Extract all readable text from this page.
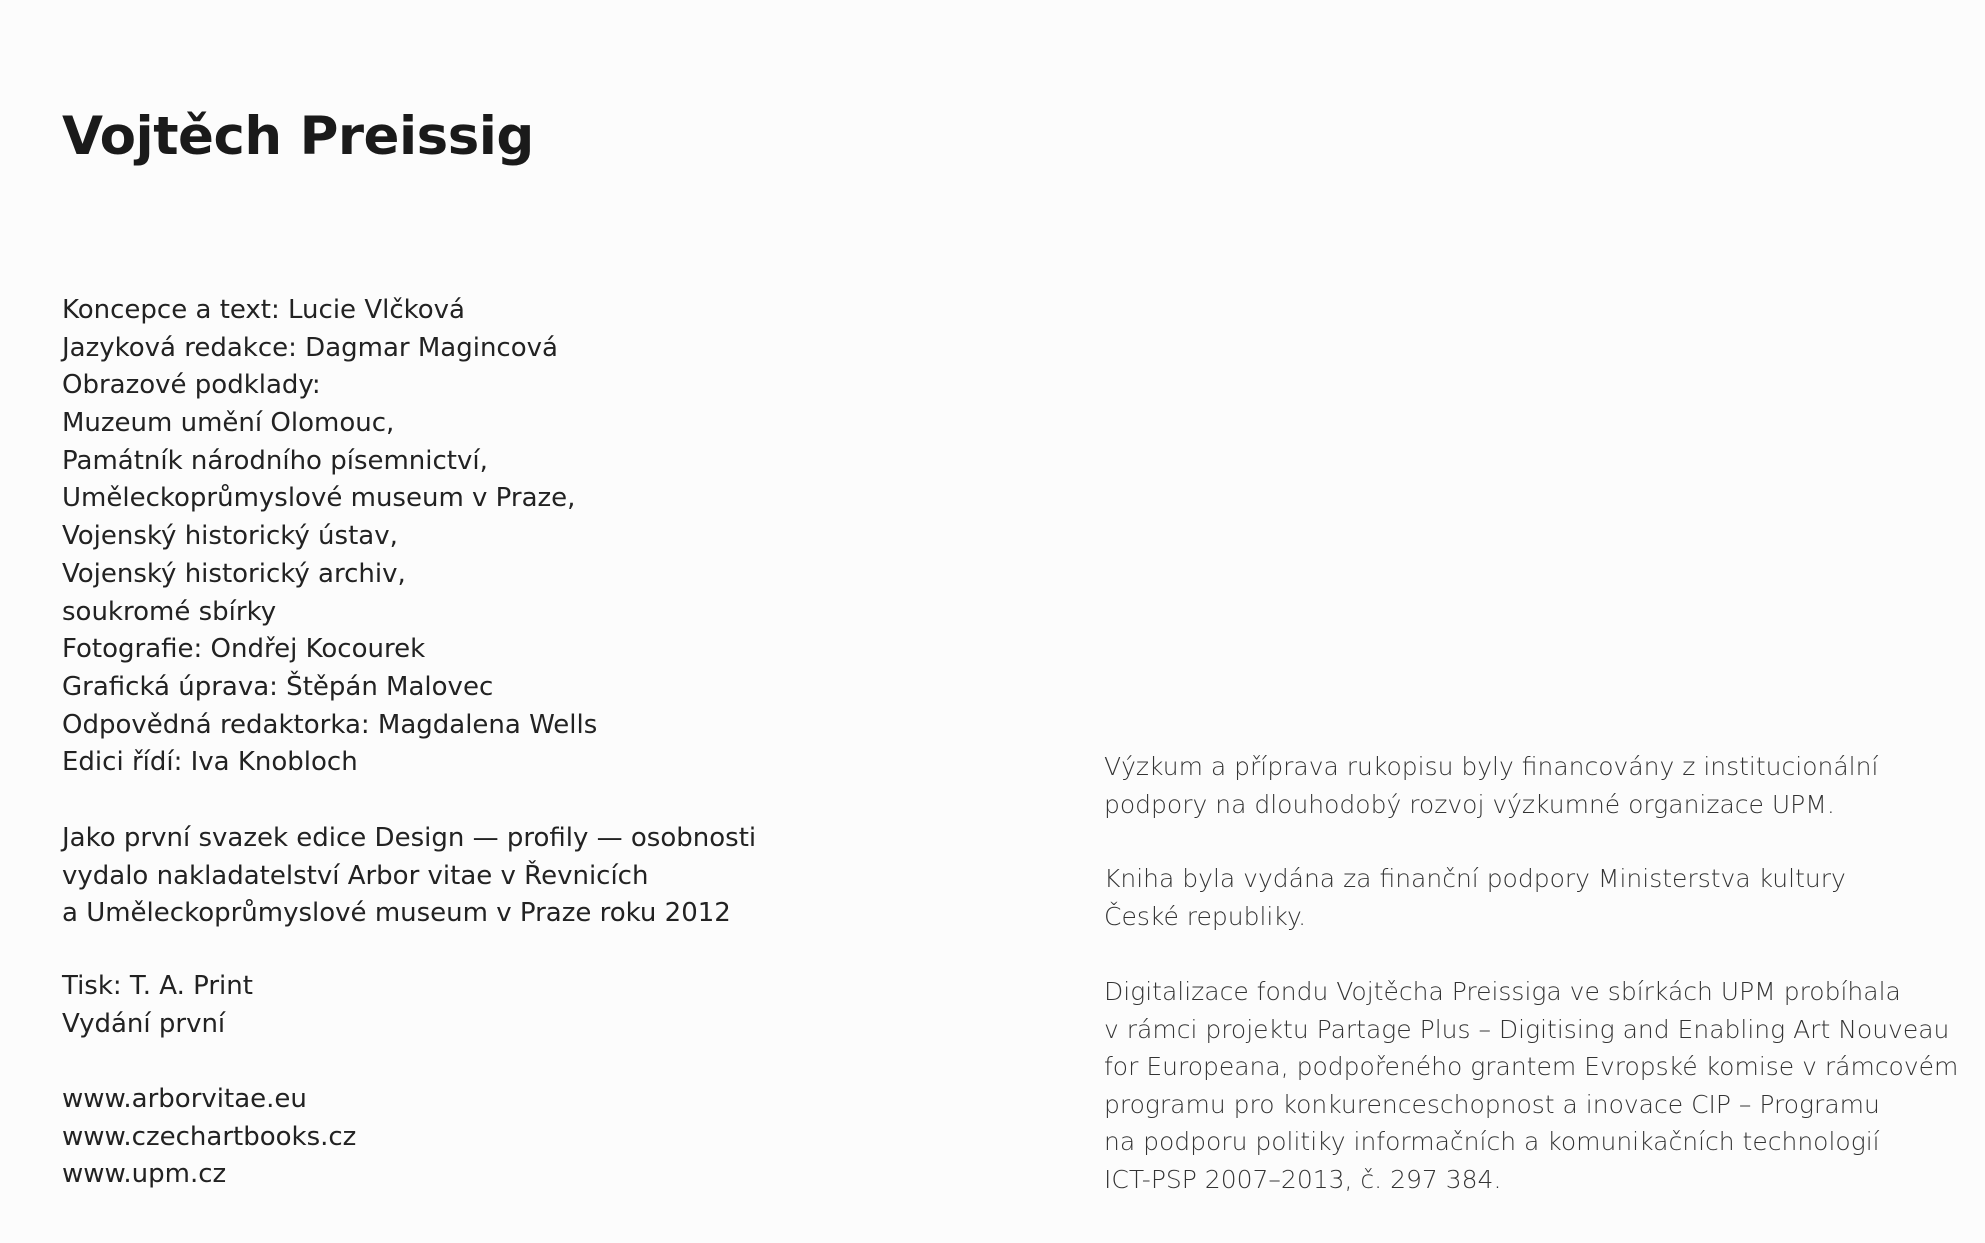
Vojtěch Preissig
Koncepce a text: Lucie Vlčková
Jazyková redakce: Dagmar Magincová
Obrazové podklady:
Muzeum umění Olomouc,
Památník národního písemnictví,
Uměleckoprůmyslové museum v Praze,
Vojenský historický ústav,
Vojenský historický archiv,
soukromé sbírky
Fotografie: Ondřej Kocourek
Grafická úprava: Štěpán Malovec
Odpovědná redaktorka: Magdalena Wells
Edici řídí: Iva Knobloch
Jako první svazek edice Design — profily — osobnosti
vydalo nakladatelství Arbor vitae v Řevnicích
a Uměleckoprůmyslové museum v Praze roku 2012
Tisk: T. A. Print
Vydání první
www.arborvitae.eu
www.czechartbooks.cz
www.upm.cz
Výzkum a příprava rukopisu byly financovány z institucionální
podpory na dlouhodobý rozvoj výzkumné organizace UPM.
Kniha byla vydána za finanční podpory Ministerstva kultury
České republiky.
Digitalizace fondu Vojtěcha Preissiga ve sbírkách UPM probíhala
v rámci projektu Partage Plus – Digitising and Enabling Art Nouveau
for Europeana, podpořeného grantem Evropské komise v rámcovém
programu pro konkurenceschopnost a inovace CIP – Programu
na podporu politiky informačních a komunikačních technologií
ICT-PSP 2007–2013, č. 297 384.
